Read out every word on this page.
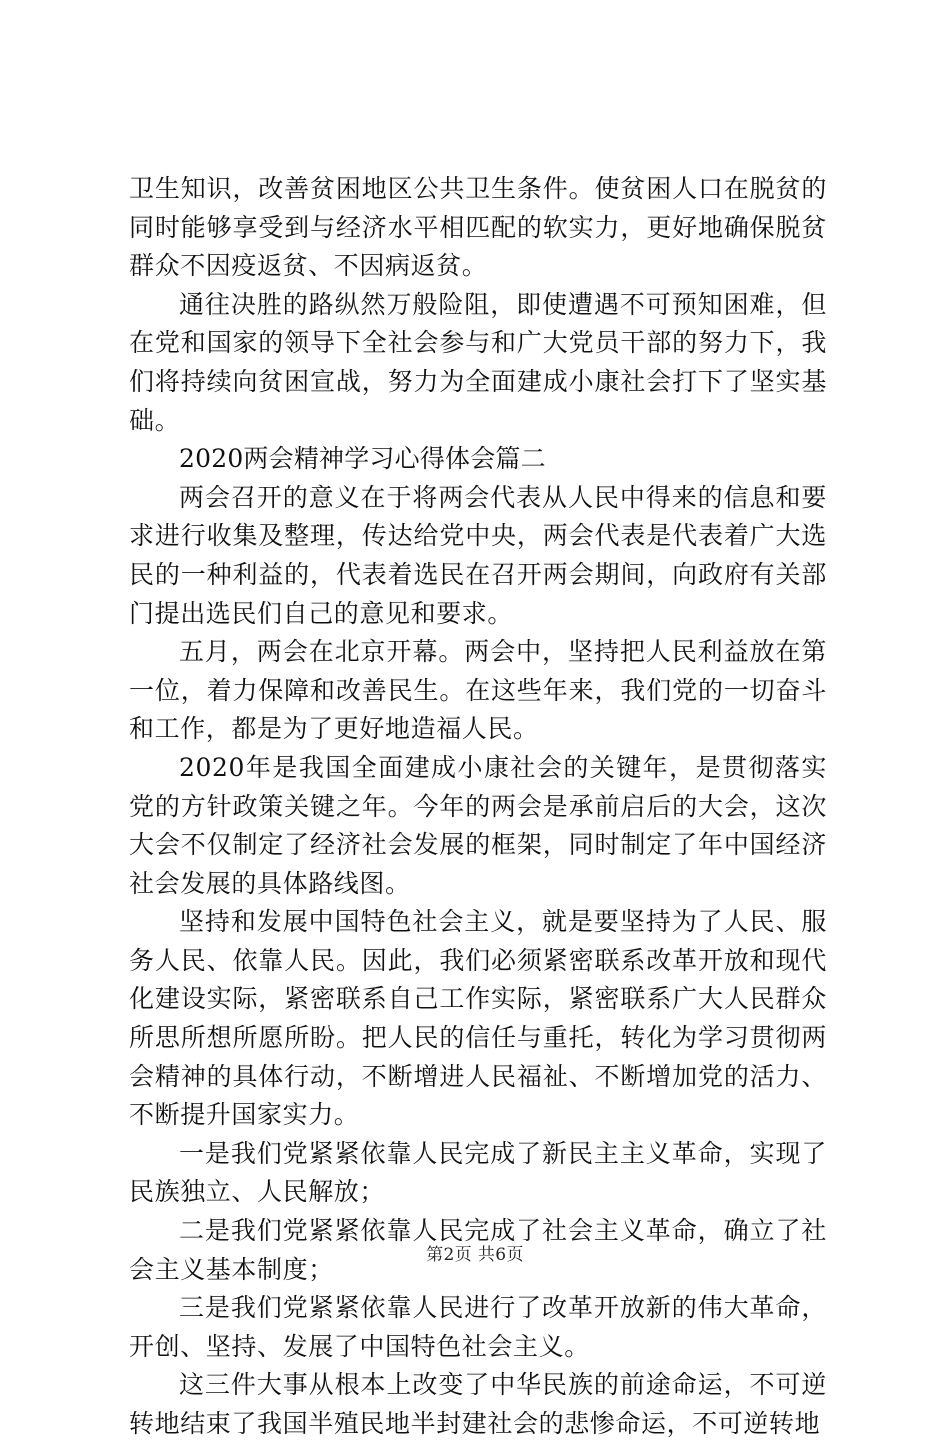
卫生知识，改善贫困地区公共卫生条件。使贫困人口在脱贫的同时能够享受到与经济水平相匹配的软实力，更好地确保脱贫群众不因疫返贫、不因病返贫。

通往决胜的路纵然万般险阻，即使遭遇不可预知困难，但在党和国家的领导下全社会参与和广大党员干部的努力下，我们将持续向贫困宣战，努力为全面建成小康社会打下了坚实基础。

2020两会精神学习心得体会篇二

两会召开的意义在于将两会代表从人民中得来的信息和要求进行收集及整理，传达给党中央，两会代表是代表着广大选民的一种利益的，代表着选民在召开两会期间，向政府有关部门提出选民们自己的意见和要求。

五月，两会在北京开幕。两会中，坚持把人民利益放在第一位，着力保障和改善民生。在这些年来，我们党的一切奋斗和工作，都是为了更好地造福人民。

2020年是我国全面建成小康社会的关键年，是贯彻落实党的方针政策关键之年。今年的两会是承前启后的大会，这次大会不仅制定了经济社会发展的框架，同时制定了年中国经济社会发展的具体路线图。

坚持和发展中国特色社会主义，就是要坚持为了人民、服务人民、依靠人民。因此，我们必须紧密联系改革开放和现代化建设实际，紧密联系自己工作实际，紧密联系广大人民群众所思所想所愿所盼。把人民的信任与重托，转化为学习贯彻两会精神的具体行动，不断增进人民福祉、不断增加党的活力、不断提升国家实力。

一是我们党紧紧依靠人民完成了新民主主义革命，实现了民族独立、人民解放；

二是我们党紧紧依靠人民完成了社会主义革命，确立了社会主义基本制度；

三是我们党紧紧依靠人民进行了改革开放新的伟大革命，开创、坚持、发展了中国特色社会主义。

这三件大事从根本上改变了中华民族的前途命运，不可逆转地结束了我国半殖民地半封建社会的悲惨命运，不可逆转地

第2页 共6页
